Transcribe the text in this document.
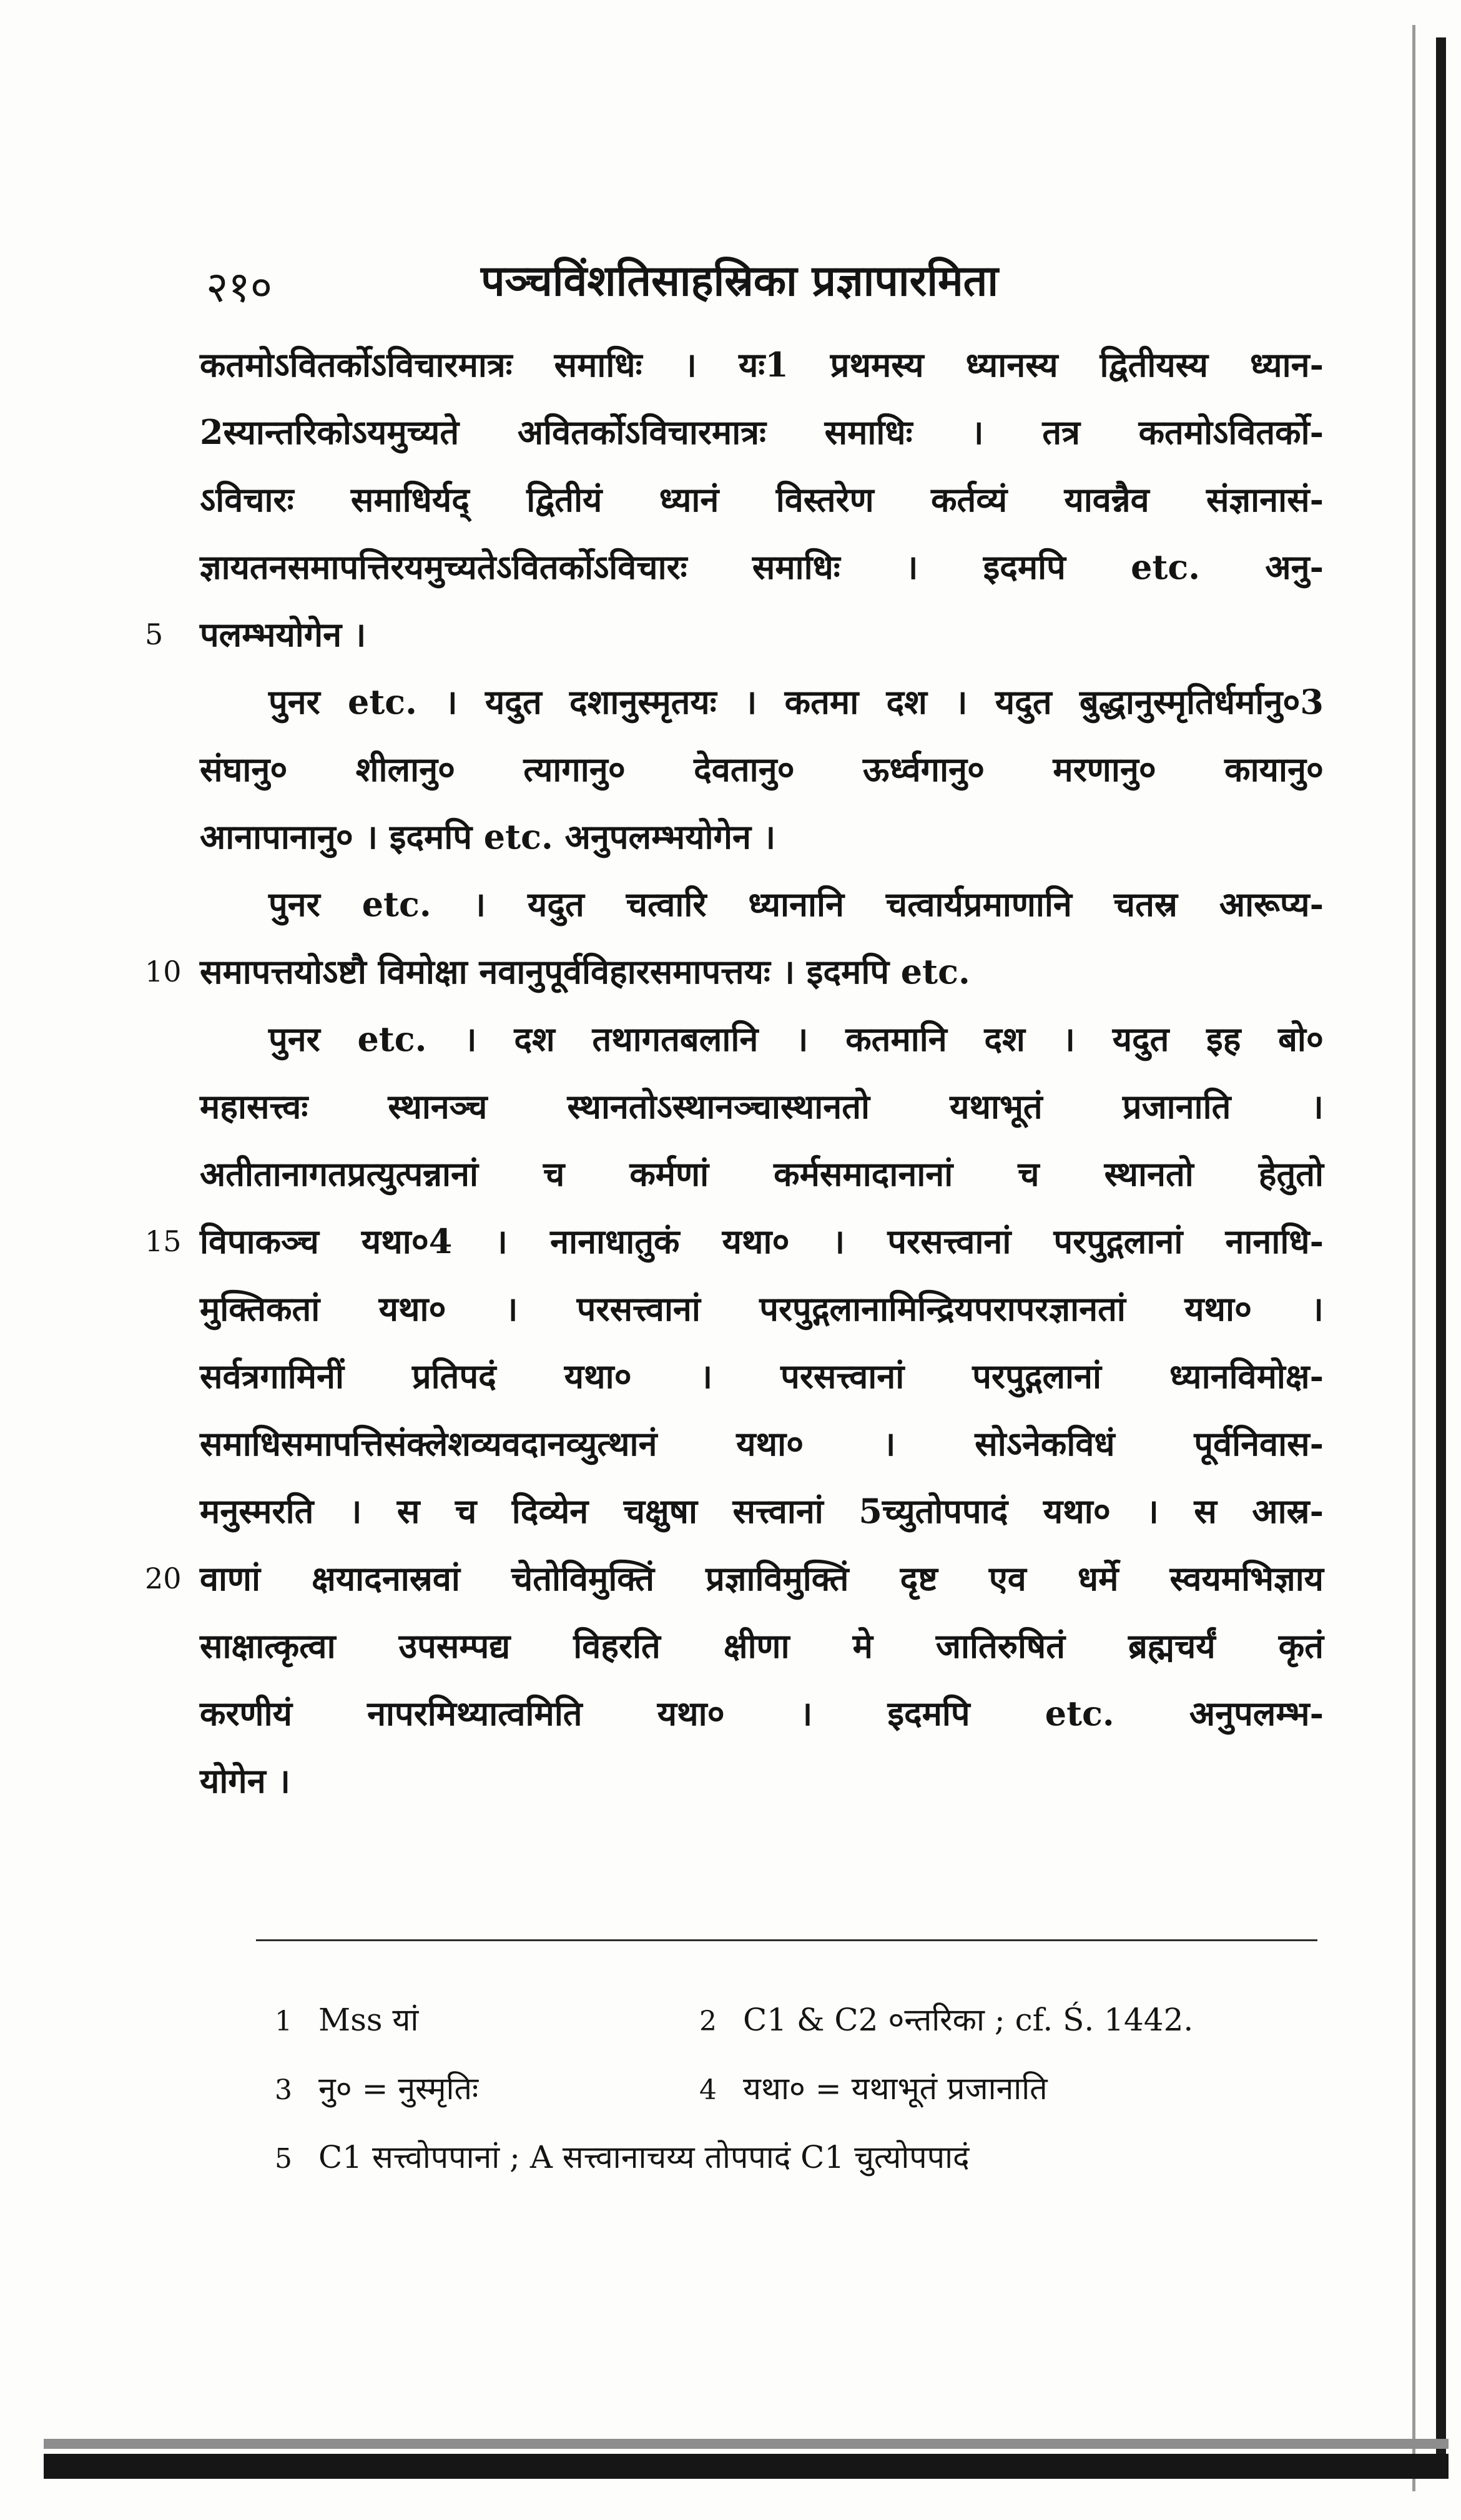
२१०	पञ्चविंशतिसाहस्रिका प्रज्ञापारमिता
कतमोऽवितर्कोऽविचारमात्रः समाधिः । यः1 प्रथमस्य ध्यानस्य द्वितीयस्य ध्यान-
2स्यान्तरिकोऽयमुच्यते अवितर्कोऽविचारमात्रः समाधिः । तत्र कतमोऽवितर्को-
ऽविचारः समाधिर्यद् द्वितीयं ध्यानं विस्तरेण कर्तव्यं यावन्नैव संज्ञानासं-
ज्ञायतनसमापत्तिरयमुच्यतेऽवितर्कोऽविचारः समाधिः । इदमपि etc. अनु-
5	पलम्भयोगेन ।
पुनर etc. । यदुत दशानुस्मृतयः । कतमा दश । यदुत बुद्धानुस्मृतिर्धर्मानु०3
संघानु० शीलानु० त्यागानु० देवतानु० ऊर्ध्वगानु० मरणानु० कायानु०
आनापानानु० । इदमपि etc. अनुपलम्भयोगेन ।
पुनर etc. । यदुत चत्वारि ध्यानानि चत्वार्यप्रमाणानि चतस्र आरूप्य-
10 समापत्तयोऽष्टौ विमोक्षा नवानुपूर्वविहारसमापत्तयः । इदमपि etc.
पुनर etc. । दश तथागतबलानि । कतमानि दश । यदुत इह बो०
महासत्त्वः स्थानञ्च स्थानतोऽस्थानञ्चास्थानतो यथाभूतं प्रजानाति ।
अतीतानागतप्रत्युत्पन्नानां च कर्मणां कर्मसमादानानां च स्थानतो हेतुतो
15 विपाकञ्च यथा०4 । नानाधातुकं यथा० । परसत्त्वानां परपुद्गलानां नानाधि-
मुक्तिकतां यथा० । परसत्त्वानां परपुद्गलानामिन्द्रियपरापरज्ञानतां यथा० ।
सर्वत्रगामिनीं प्रतिपदं यथा० । परसत्त्वानां परपुद्गलानां ध्यानविमोक्ष-
समाधिसमापत्तिसंक्लेशव्यवदानव्युत्थानं यथा० । सोऽनेकविधं पूर्वनिवास-
मनुस्मरति । स च दिव्येन चक्षुषा सत्त्वानां 5च्युतोपपादं यथा० । स आस्र-
20 वाणां क्षयादनास्रवां चेतोविमुक्तिं प्रज्ञाविमुक्तिं दृष्ट एव धर्मे स्वयमभिज्ञाय
साक्षात्कृत्वा उपसम्पद्य विहरति क्षीणा मे जातिरुषितं ब्रह्मचर्यं कृतं
करणीयं नापरमिथ्यात्वमिति यथा० । इदमपि etc. अनुपलम्भ-
योगेन ।
1 Mss यां	2 C1 & C2 ०न्तरिका ; cf. Ś. 1442.
3 नु० = नुस्मृतिः	4 यथा० = यथाभूतं प्रजानाति
5 C1 सत्त्वोपपानां ; A सत्त्वानाचय्य तोपपादं C1 चुत्योपपादं
